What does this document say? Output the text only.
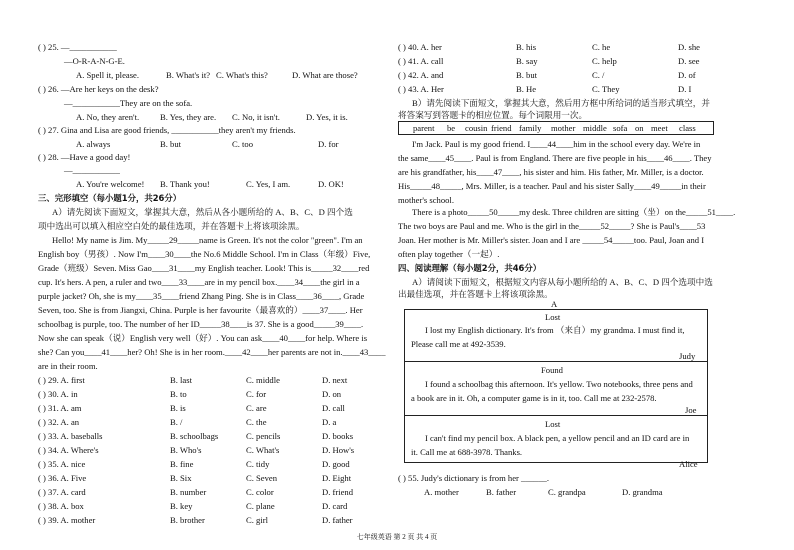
( ) 25. —___________
—O-R-A-N-G-E.
A. Spell it, please.	B. What's it? C. What's this?	D. What are those?
( ) 26. —Are her keys on the desk?
—___________They are on the sofa.
A. No, they aren't. B. Yes, they are. C. No, it isn't.	D. Yes, it is.
( ) 27. Gina and Lisa are good friends, ___________they aren't my friends.
A. always	B. but	C. too	D. for
( ) 28. —Have a good day!
—___________
A. You're welcome! B. Thank you!	C. Yes, I am.	D. OK!
三、完形填空（每小题1分，共26分）
A）请先阅读下面短文，掌握其大意，然后从各小题所给的 A、B、C、D 四个选
项中选出可以填入相应空白处的最佳选项，并在答题卡上将该项涂黑。
Hello! My name is Jim. My_____29_____name is Green. It's not the color "green". I'm an
English boy（男孩）. Now I'm____30____the No.6 Middle School. I'm in Class（年级）Five,
Grade（班级）Seven. Miss Gao____31____my English teacher. Look! This is_____32____red
cup. It's hers. A pen, a ruler and two____33____are in my pencil box.____34____the girl in a
purple jacket? Oh, she is my____35____friend Zhang Ping. She is in Class____36____, Grade
Seven, too. She is from Jiangxi, China. Purple is her favourite（最喜欢的）____37____. Her
schoolbag is purple, too. The number of her ID_____38____is 37. She is a good_____39____.
Now she can speak（说）English very well（好）. You can ask____40____for help. Where is
she? Can you____41____her? Oh! She is in her room.____42____her parents are not in.____43____
are in their room.
( ) 29. A. first	B. last	C. middle	D. next
( ) 30. A. in	B. to	C. for	D. on
( ) 31. A. am	B. is	C. are	D. call
( ) 32. A. an	B. /	C. the	D. a
( ) 33. A. baseballs	B. schoolbags	C. pencils	D. books
( ) 34. A. Where's	B. Who's	C. What's	D. How's
( ) 35. A. nice	B. fine	C. tidy	D. good
( ) 36. A. Five	B. Six	C. Seven	D. Eight
( ) 37. A. card	B. number	C. color	D. friend
( ) 38. A. box	B. key	C. plane	D. card
( ) 39. A. mother	B. brother	C. girl	D. father
( ) 40. A. her	B. his	C. he	D. she
( ) 41. A. call	B. say	C. help	D. see
( ) 42. A. and	B. but	C. /	D. of
( ) 43. A. Her	B. He	C. They	D. I
B）请先阅读下面短文，掌握其大意，然后用方框中所给词的适当形式填空，并
将答案写到答题卡的相应位置。每个词限用一次。
parent be cousin friend family mother middle sofa on meet class
I'm Jack. Paul is my good friend. I____44____him in the school every day. We're in
the same____45____. Paul is from England. There are five people in his____46____. They
are his grandfather, his____47____, his sister and him. His father, Mr. Miller, is a doctor.
His_____48_____, Mrs. Miller, is a teacher. Paul and his sister Sally____49_____in their
mother's school.
There is a photo_____50_____my desk. Three children are sitting（坐）on the_____51____.
The two boys are Paul and me. Who is the girl in the_____52_____? She is Paul's____53
Joan. Her mother is Mr. Miller's sister. Joan and I are _____54_____too. Paul, Joan and I
often play together（一起）.
四、阅读理解（每小题2分，共46分）
A）请阅读下面短文，根据短文内容从每小题所给的 A、B、C、D 四个选项中选
出最佳选项，并在答题卡上将该项涂黑。
A
Lost
I lost my English dictionary. It's from （来自）my grandma. I must find it,
Please call me at 492-3539.
Judy
Found
I found a schoolbag this afternoon. It's yellow. Two notebooks, three pens and
a book are in it. Oh, a computer game is in it, too. Call me at 232-2578.
Joe
Lost
I can't find my pencil box. A black pen, a yellow pencil and an ID card are in
it. Call me at 688-3978. Thanks.
Alice
( ) 55. Judy's dictionary is from her ______.
A. mother	B. father	C. grandpa	D. grandma
七年级英语 第 2 页 共 4 页
